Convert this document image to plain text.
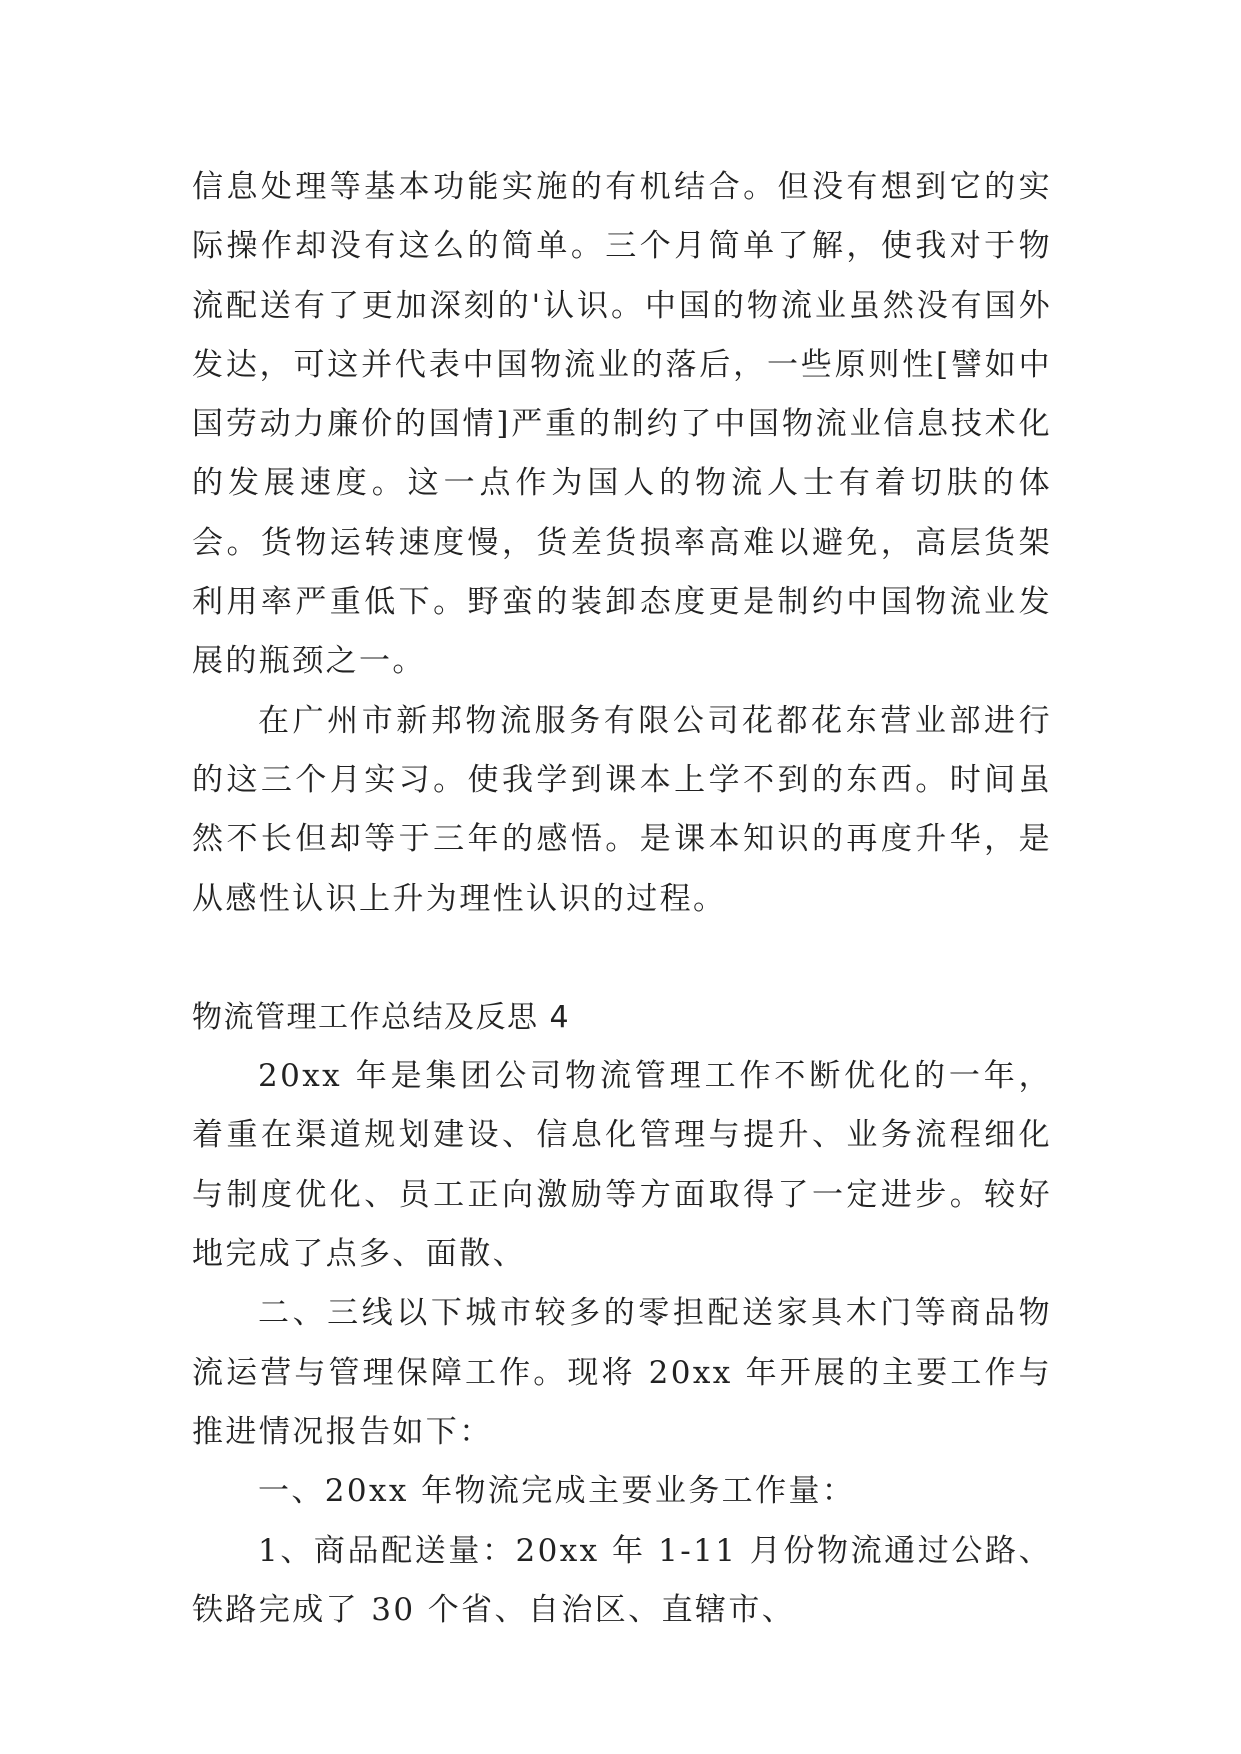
信息处理等基本功能实施的有机结合。但没有想到它的实际操作却没有这么的简单。三个月简单了解，使我对于物流配送有了更加深刻的'认识。中国的物流业虽然没有国外发达，可这并代表中国物流业的落后，一些原则性[譬如中国劳动力廉价的国情]严重的制约了中国物流业信息技术化的发展速度。这一点作为国人的物流人士有着切肤的体会。货物运转速度慢，货差货损率高难以避免，高层货架利用率严重低下。野蛮的装卸态度更是制约中国物流业发展的瓶颈之一。

在广州市新邦物流服务有限公司花都花东营业部进行的这三个月实习。使我学到课本上学不到的东西。时间虽然不长但却等于三年的感悟。是课本知识的再度升华，是从感性认识上升为理性认识的过程。

物流管理工作总结及反思 4

20xx 年是集团公司物流管理工作不断优化的一年，着重在渠道规划建设、信息化管理与提升、业务流程细化与制度优化、员工正向激励等方面取得了一定进步。较好地完成了点多、面散、

二、三线以下城市较多的零担配送家具木门等商品物流运营与管理保障工作。现将 20xx 年开展的主要工作与推进情况报告如下：

一、20xx 年物流完成主要业务工作量：

1、商品配送量：20xx 年 1-11 月份物流通过公路、铁路完成了 30 个省、自治区、直辖市、
